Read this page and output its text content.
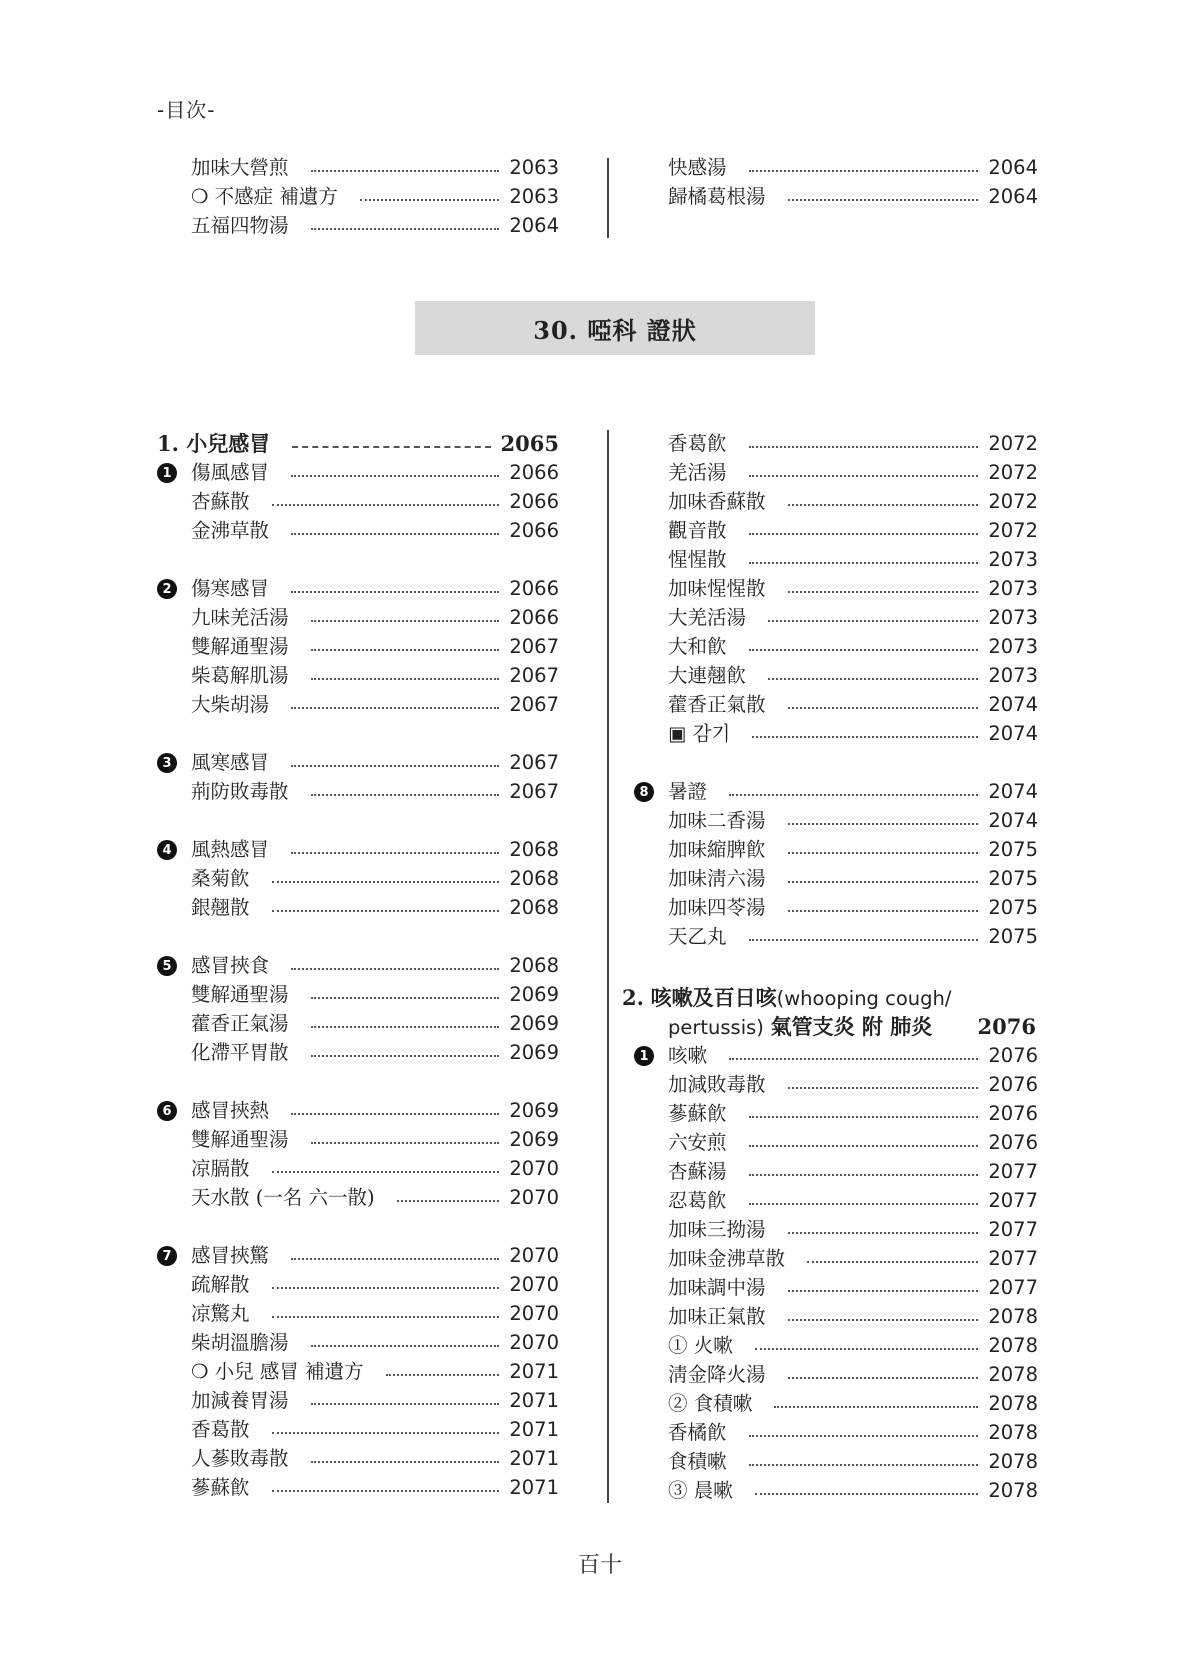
-目次-
加味大營煎	2063
❍ 不感症 補遺方	2063
五福四物湯	2064
快感湯	2064
歸橘葛根湯	2064
30. 啞科 證狀
1. 小兒感冒	2065
1 傷風感冒	2066
杏蘇散	2066
金沸草散	2066
2 傷寒感冒	2066
九味羌活湯	2066
雙解通聖湯	2067
柴葛解肌湯	2067
大柴胡湯	2067
3 風寒感冒	2067
荊防敗毒散	2067
4 風熱感冒	2068
桑菊飮	2068
銀翹散	2068
5 感冒挾食	2068
雙解通聖湯	2069
藿香正氣湯	2069
化滯平胃散	2069
6 感冒挾熱	2069
雙解通聖湯	2069
凉膈散	2070
天水散 (一名 六一散)	2070
7 感冒挾驚	2070
疏解散	2070
凉驚丸	2070
柴胡溫膽湯	2070
❍ 小兒 感冒 補遺方	2071
加減養胃湯	2071
香葛散	2071
人蔘敗毒散	2071
蔘蘇飮	2071
香葛飮	2072
羌活湯	2072
加味香蘇散	2072
觀音散	2072
惺惺散	2073
加味惺惺散	2073
大羌活湯	2073
大和飮	2073
大連翹飮	2073
藿香正氣散	2074
▣ 감기	2074
8 暑證	2074
加味二香湯	2074
加味縮脾飮	2075
加味淸六湯	2075
加味四苓湯	2075
天乙丸	2075
1 咳嗽	2076
加減敗毒散	2076
蔘蘇飮	2076
六安煎	2076
杏蘇湯	2077
忍葛飮	2077
加味三拗湯	2077
加味金沸草散	2077
加味調中湯	2077
加味正氣散	2078
① 火嗽	2078
淸金降火湯	2078
② 食積嗽	2078
香橘飮	2078
食積嗽	2078
③ 晨嗽	2078
2. 咳嗽及百日咳(whooping cough/
pertussis) 氣管支炎 附 肺炎 2076
百十
